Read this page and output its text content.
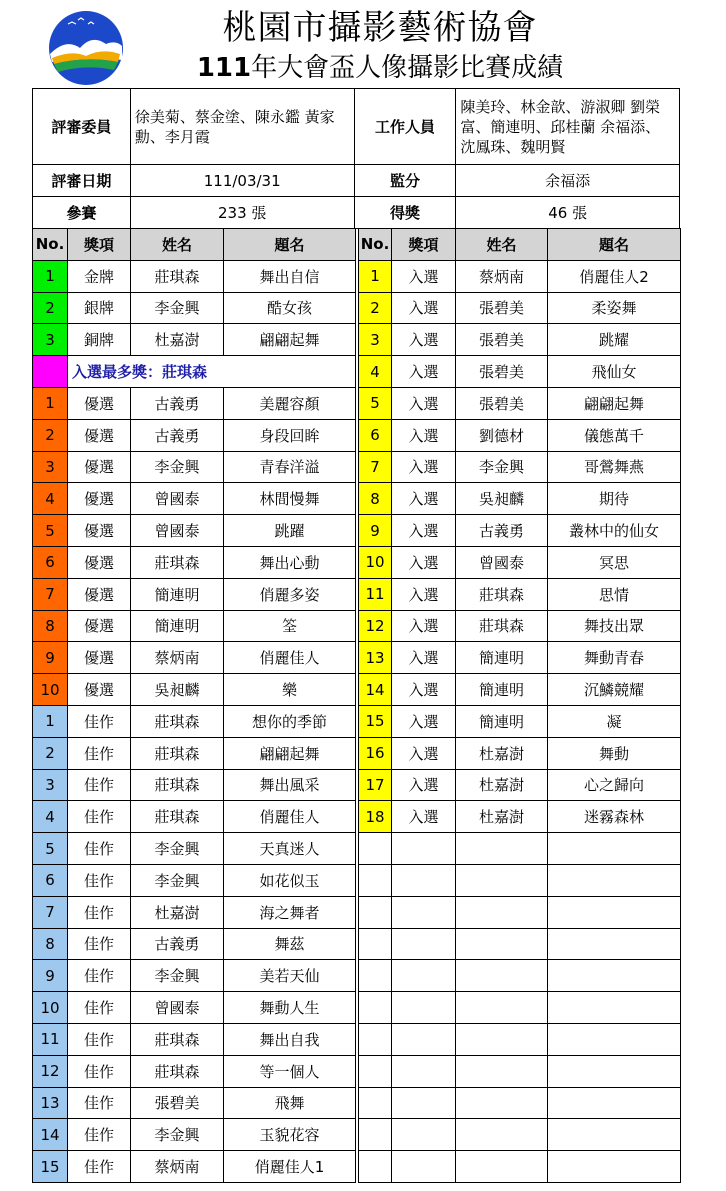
桃園市攝影藝術協會
111年大會盃人像攝影比賽成績
評審委員	徐美菊、蔡金塗、陳永鑑 黃家勳、李月霞	工作人員	陳美玲、林金歆、游淑卿 劉榮富、簡連明、邱桂蘭 余福添、沈鳳珠、魏明賢
評審日期	111/03/31	監分	余福添
參賽	233 張	得獎	46 張
No.	獎項	姓名	題名		No.	獎項	姓名	題名
1	金牌	莊琪森	舞出自信		1	入選	蔡炳南	俏麗佳人2
2	銀牌	李金興	酷女孩		2	入選	張碧美	柔姿舞
3	銅牌	杜嘉澍	翩翩起舞		3	入選	張碧美	跳耀
	入選最多獎：莊琪森				4	入選	張碧美	飛仙女
1	優選	古義勇	美麗容顏		5	入選	張碧美	翩翩起舞
2	優選	古義勇	身段回眸		6	入選	劉德材	儀態萬千
3	優選	李金興	青春洋溢		7	入選	李金興	哥鶯舞燕
4	優選	曾國泰	林間慢舞		8	入選	吳昶麟	期待
5	優選	曾國泰	跳躍		9	入選	古義勇	叢林中的仙女
6	優選	莊琪森	舞出心動		10	入選	曾國泰	冥思
7	優選	簡連明	俏麗多姿		11	入選	莊琪森	思情
8	優選	簡連明	筌		12	入選	莊琪森	舞技出眾
9	優選	蔡炳南	俏麗佳人		13	入選	簡連明	舞動青春
10	優選	吳昶麟	樂		14	入選	簡連明	沉鱗競耀
1	佳作	莊琪森	想你的季節		15	入選	簡連明	凝
2	佳作	莊琪森	翩翩起舞		16	入選	杜嘉澍	舞動
3	佳作	莊琪森	舞出風采		17	入選	杜嘉澍	心之歸向
4	佳作	莊琪森	俏麗佳人		18	入選	杜嘉澍	迷霧森林
5	佳作	李金興	天真迷人					
6	佳作	李金興	如花似玉					
7	佳作	杜嘉澍	海之舞者					
8	佳作	古義勇	舞茲					
9	佳作	李金興	美若天仙					
10	佳作	曾國泰	舞動人生					
11	佳作	莊琪森	舞出自我					
12	佳作	莊琪森	等一個人					
13	佳作	張碧美	飛舞					
14	佳作	李金興	玉貌花容					
15	佳作	蔡炳南	俏麗佳人1					
